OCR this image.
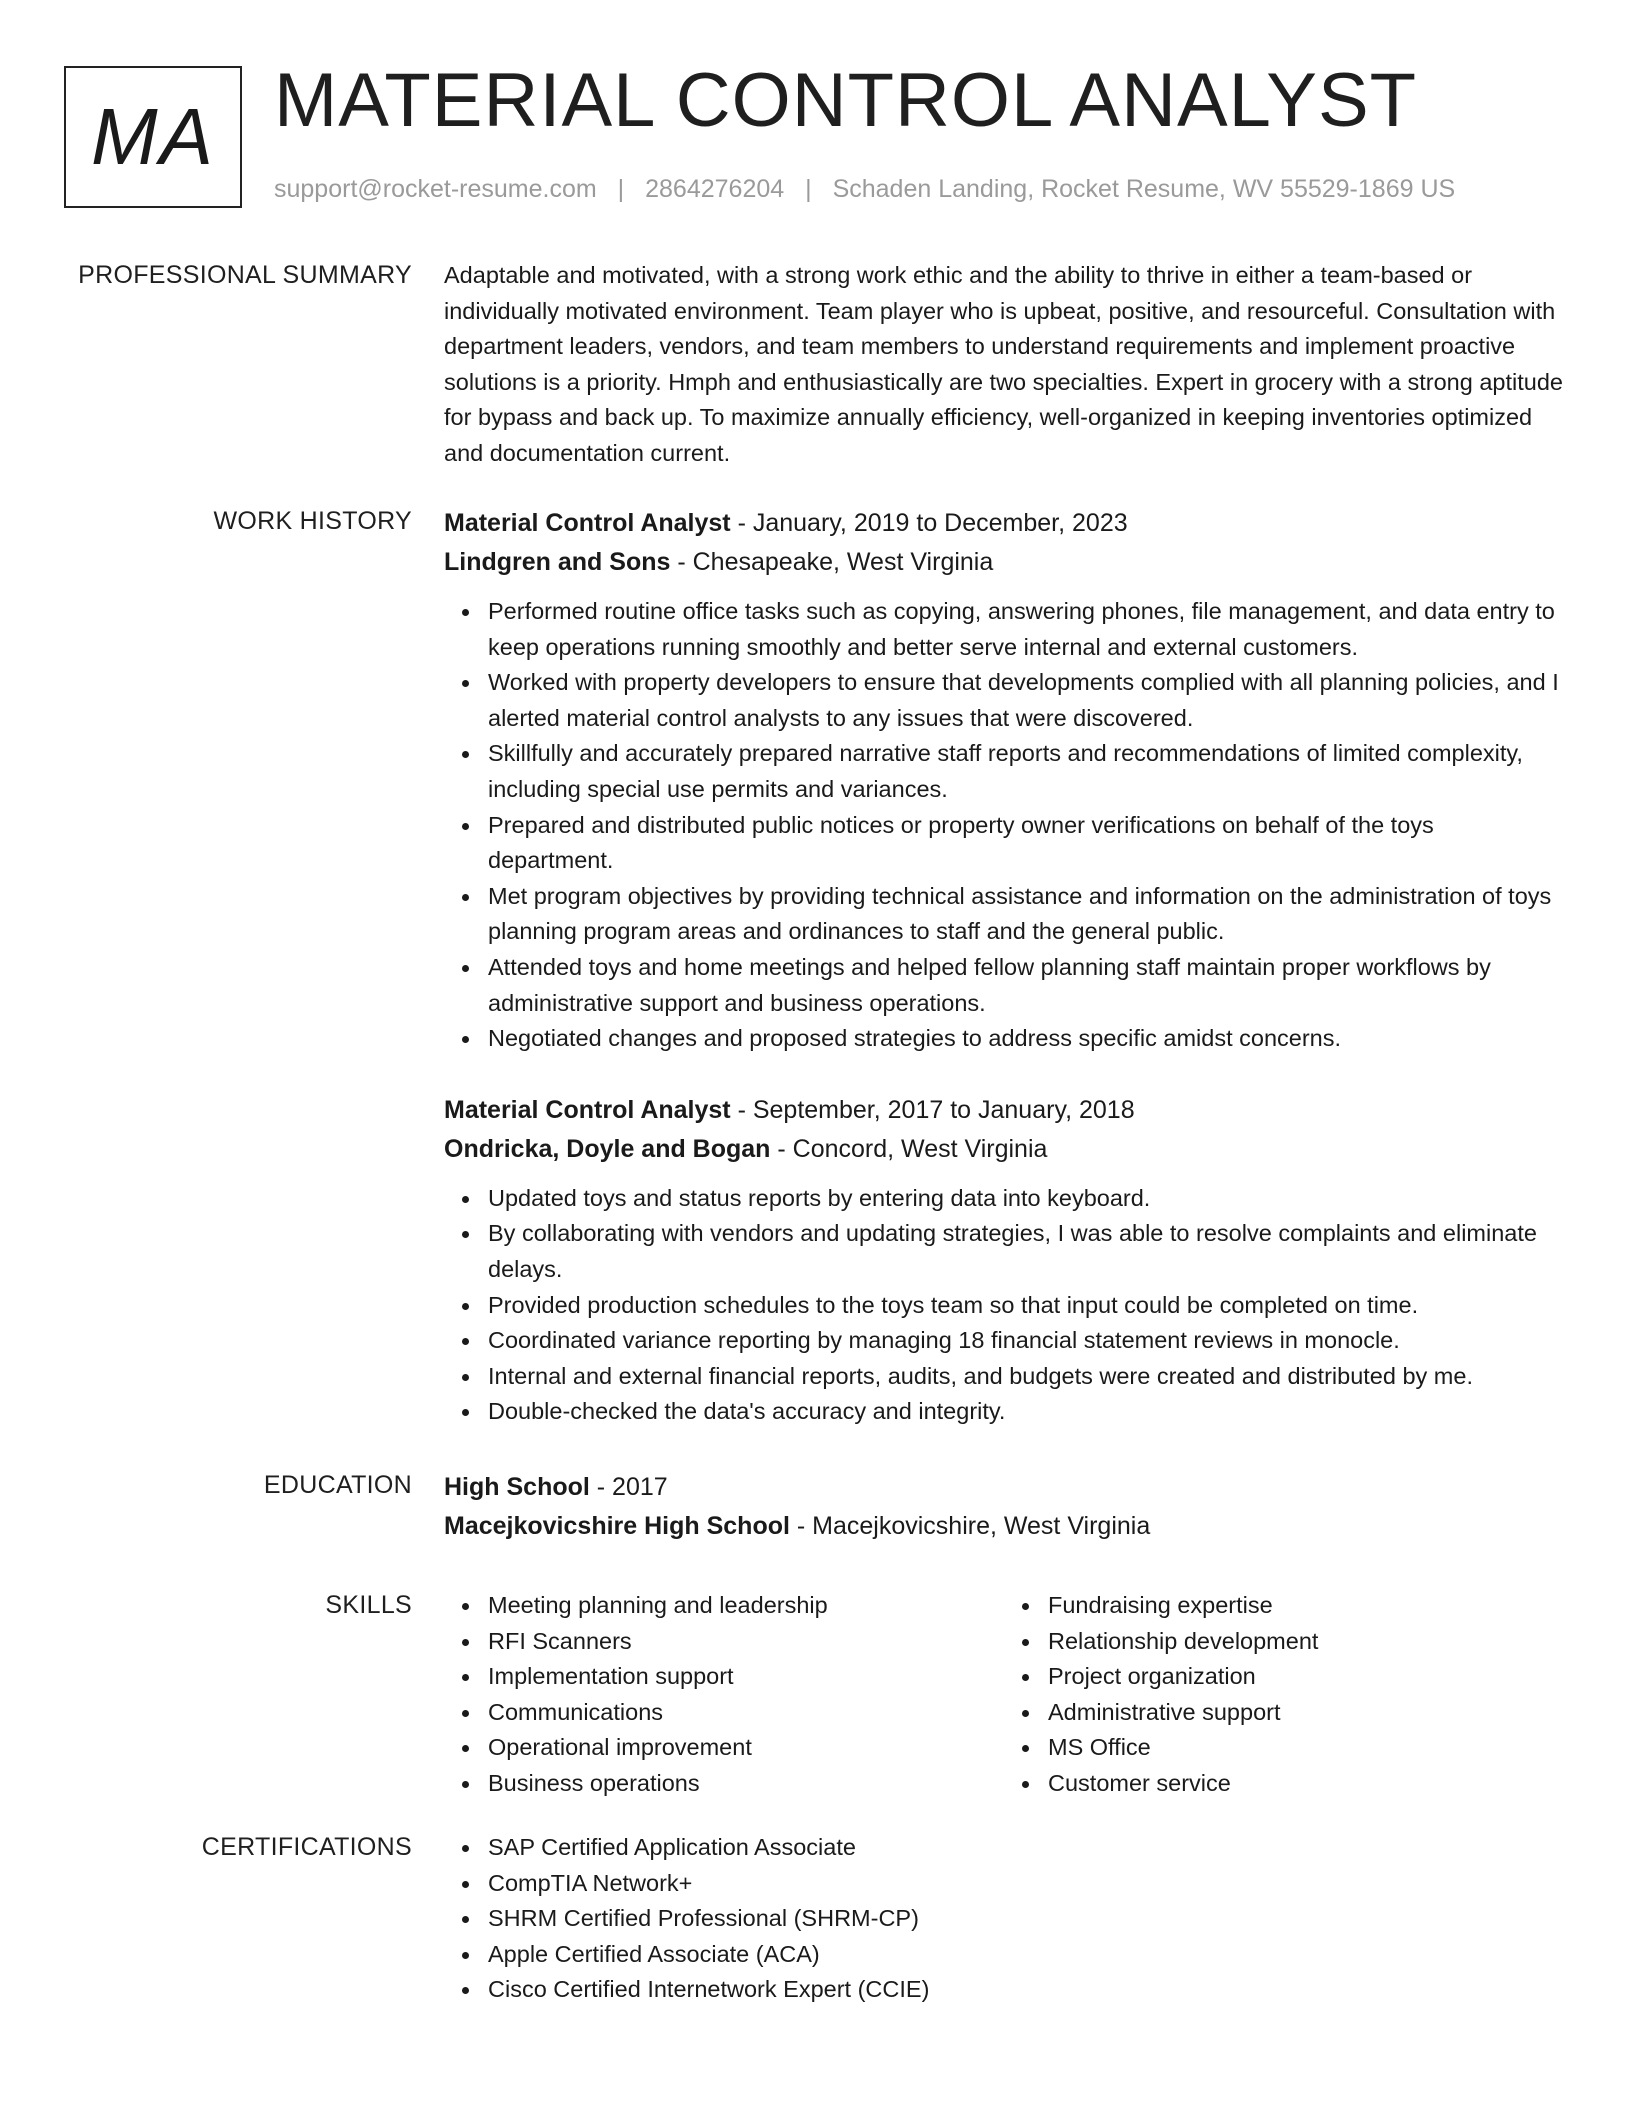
MA MATERIAL CONTROL ANALYST
support@rocket-resume.com | 2864276204 | Schaden Landing, Rocket Resume, WV 55529-1869 US
PROFESSIONAL SUMMARY Adaptable and motivated, with a strong work ethic and the ability to thrive in either a team-based or individually motivated environment. Team player who is upbeat, positive, and resourceful. Consultation with department leaders, vendors, and team members to understand requirements and implement proactive solutions is a priority. Hmph and enthusiastically are two specialties. Expert in grocery with a strong aptitude for bypass and back up. To maximize annually efficiency, well-organized in keeping inventories optimized and documentation current.
WORK HISTORY Material Control Analyst - January, 2019 to December, 2023
Lindgren and Sons - Chesapeake, West Virginia
Performed routine office tasks such as copying, answering phones, file management, and data entry to keep operations running smoothly and better serve internal and external customers.
Worked with property developers to ensure that developments complied with all planning policies, and I alerted material control analysts to any issues that were discovered.
Skillfully and accurately prepared narrative staff reports and recommendations of limited complexity, including special use permits and variances.
Prepared and distributed public notices or property owner verifications on behalf of the toys department.
Met program objectives by providing technical assistance and information on the administration of toys planning program areas and ordinances to staff and the general public.
Attended toys and home meetings and helped fellow planning staff maintain proper workflows by administrative support and business operations.
Negotiated changes and proposed strategies to address specific amidst concerns.
Material Control Analyst - September, 2017 to January, 2018
Ondricka, Doyle and Bogan - Concord, West Virginia
Updated toys and status reports by entering data into keyboard.
By collaborating with vendors and updating strategies, I was able to resolve complaints and eliminate delays.
Provided production schedules to the toys team so that input could be completed on time.
Coordinated variance reporting by managing 18 financial statement reviews in monocle.
Internal and external financial reports, audits, and budgets were created and distributed by me.
Double-checked the data's accuracy and integrity.
EDUCATION High School - 2017
Macejkovicshire High School - Macejkovicshire, West Virginia
SKILLS	Meeting planning and leadership
RFI Scanners
Implementation support
Communications
Operational improvement
Business operations
Fundraising expertise
Relationship development
Project organization
Administrative support
MS Office
Customer service
CERTIFICATIONS	SAP Certified Application Associate
CompTIA Network+
SHRM Certified Professional (SHRM-CP)
Apple Certified Associate (ACA)
Cisco Certified Internetwork Expert (CCIE)
